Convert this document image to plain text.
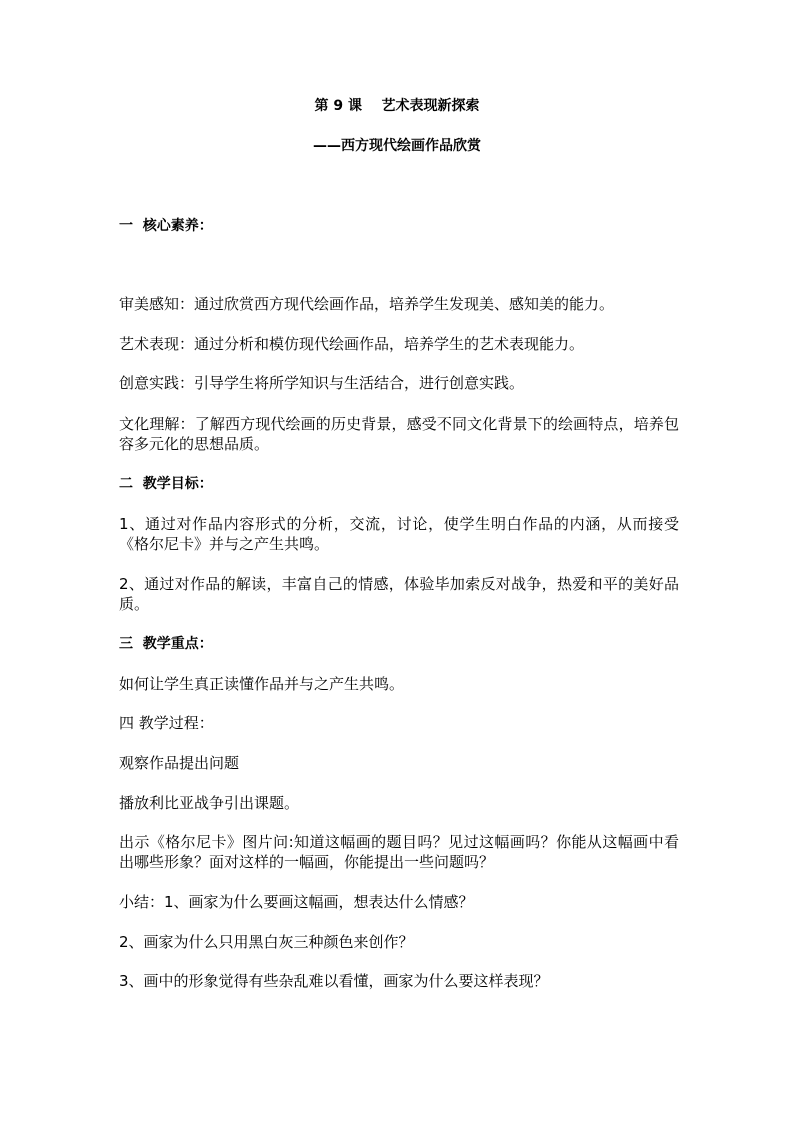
第 9 课    艺术表现新探索
——西方现代绘画作品欣赏
一  核心素养：
审美感知：通过欣赏西方现代绘画作品，培养学生发现美、感知美的能力。
艺术表现：通过分析和模仿现代绘画作品，培养学生的艺术表现能力。
创意实践：引导学生将所学知识与生活结合，进行创意实践。
文化理解：了解西方现代绘画的历史背景，感受不同文化背景下的绘画特点，培养包容多元化的思想品质。
二  教学目标：
1、通过对作品内容形式的分析，交流，讨论，使学生明白作品的内涵，从而接受《格尔尼卡》并与之产生共鸣。
2、通过对作品的解读，丰富自己的情感，体验毕加索反对战争，热爱和平的美好品质。
三  教学重点：
如何让学生真正读懂作品并与之产生共鸣。
四 教学过程：
观察作品提出问题
播放利比亚战争引出课题。
出示《格尔尼卡》图片问:知道这幅画的题目吗？见过这幅画吗？你能从这幅画中看出哪些形象？面对这样的一幅画，你能提出一些问题吗？
小结：1、画家为什么要画这幅画，想表达什么情感？
2、画家为什么只用黑白灰三种颜色来创作？
3、画中的形象觉得有些杂乱难以看懂，画家为什么要这样表现？
